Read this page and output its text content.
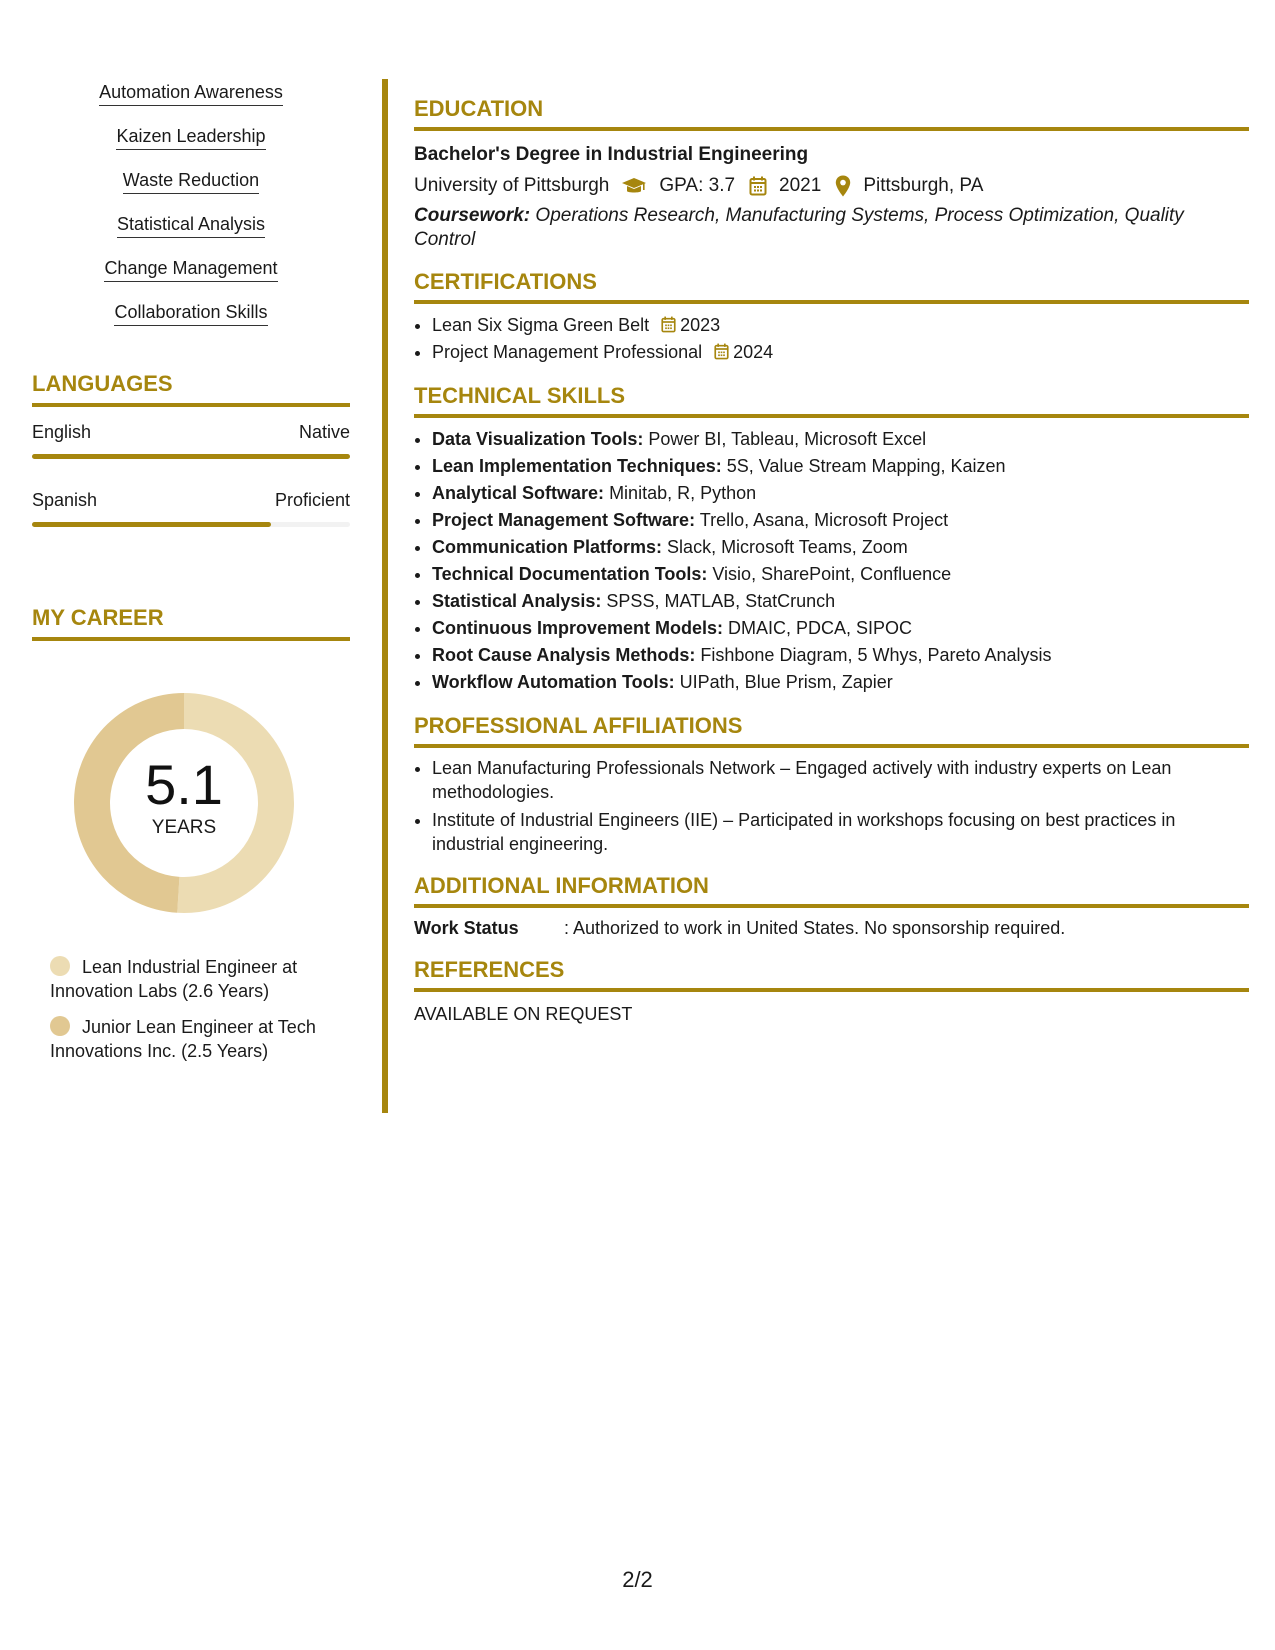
Automation Awareness
Kaizen Leadership
Waste Reduction
Statistical Analysis
Change Management
Collaboration Skills
LANGUAGES
English	Native
Spanish	Proficient
MY CAREER
5.1
YEARS
Lean Industrial Engineer at Innovation Labs (2.6 Years)
Junior Lean Engineer at Tech Innovations Inc. (2.5 Years)
EDUCATION
Bachelor's Degree in Industrial Engineering
University of Pittsburgh	GPA: 3.7 2021 Pittsburgh, PA
Coursework: Operations Research, Manufacturing Systems, Process Optimization, Quality Control
CERTIFICATIONS
• Lean Six Sigma Green Belt 2023
• Project Management Professional 2024
TECHNICAL SKILLS
• Data Visualization Tools: Power BI, Tableau, Microsoft Excel
• Lean Implementation Techniques: 5S, Value Stream Mapping, Kaizen
• Analytical Software: Minitab, R, Python
• Project Management Software: Trello, Asana, Microsoft Project
• Communication Platforms: Slack, Microsoft Teams, Zoom
• Technical Documentation Tools: Visio, SharePoint, Confluence
• Statistical Analysis: SPSS, MATLAB, StatCrunch
• Continuous Improvement Models: DMAIC, PDCA, SIPOC
• Root Cause Analysis Methods: Fishbone Diagram, 5 Whys, Pareto Analysis
• Workflow Automation Tools: UIPath, Blue Prism, Zapier
PROFESSIONAL AFFILIATIONS
• Lean Manufacturing Professionals Network – Engaged actively with industry experts on Lean methodologies.
• Institute of Industrial Engineers (IIE) – Participated in workshops focusing on best practices in industrial engineering.
ADDITIONAL INFORMATION
Work Status	: Authorized to work in United States. No sponsorship required.
REFERENCES
AVAILABLE ON REQUEST
2/2
